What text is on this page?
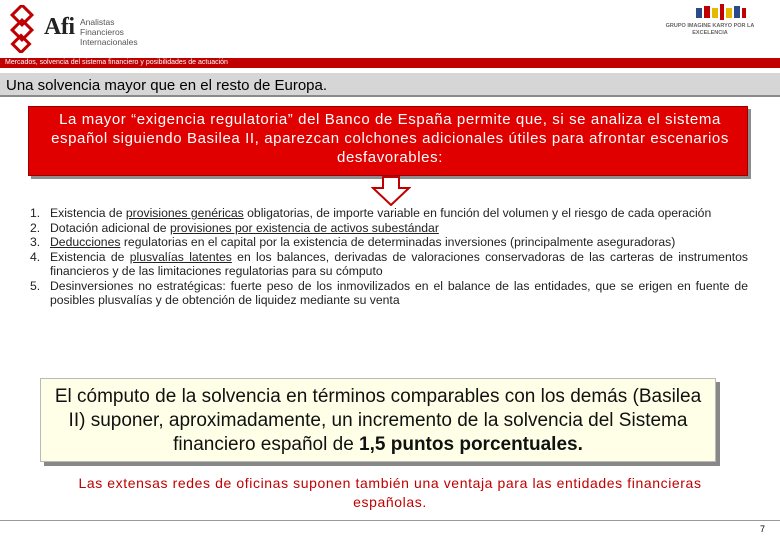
Afi Analistas Financieros Internacionales
GRUPO IMAGINE KARYO POR LA EXCELENCIA
Mercados, solvencia del sistema financiero y posibilidades de actuación
Una solvencia mayor que en el resto de Europa.
La mayor “exigencia regulatoria” del Banco de España permite que, si se analiza el sistema español siguiendo Basilea II, aparezcan colchones adicionales útiles para afrontar escenarios desfavorables:
1. Existencia de provisiones genéricas obligatorias, de importe variable en función del volumen y el riesgo de cada operación
2. Dotación adicional de provisiones por existencia de activos subestándar
3. Deducciones regulatorias en el capital por la existencia de determinadas inversiones (principalmente aseguradoras)
4. Existencia de plusvalías latentes en los balances, derivadas de valoraciones conservadoras de las carteras de instrumentos financieros y de las limitaciones regulatorias para su cómputo
5. Desinversiones no estratégicas: fuerte peso de los inmovilizados en el balance de las entidades, que se erigen en fuente de posibles plusvalías y de obtención de liquidez mediante su venta
El cómputo de la solvencia en términos comparables con los demás (Basilea II) suponer, aproximadamente, un incremento de la solvencia del Sistema financiero español de 1,5 puntos porcentuales.
Las extensas redes de oficinas suponen también una ventaja para las entidades financieras españolas.
7
